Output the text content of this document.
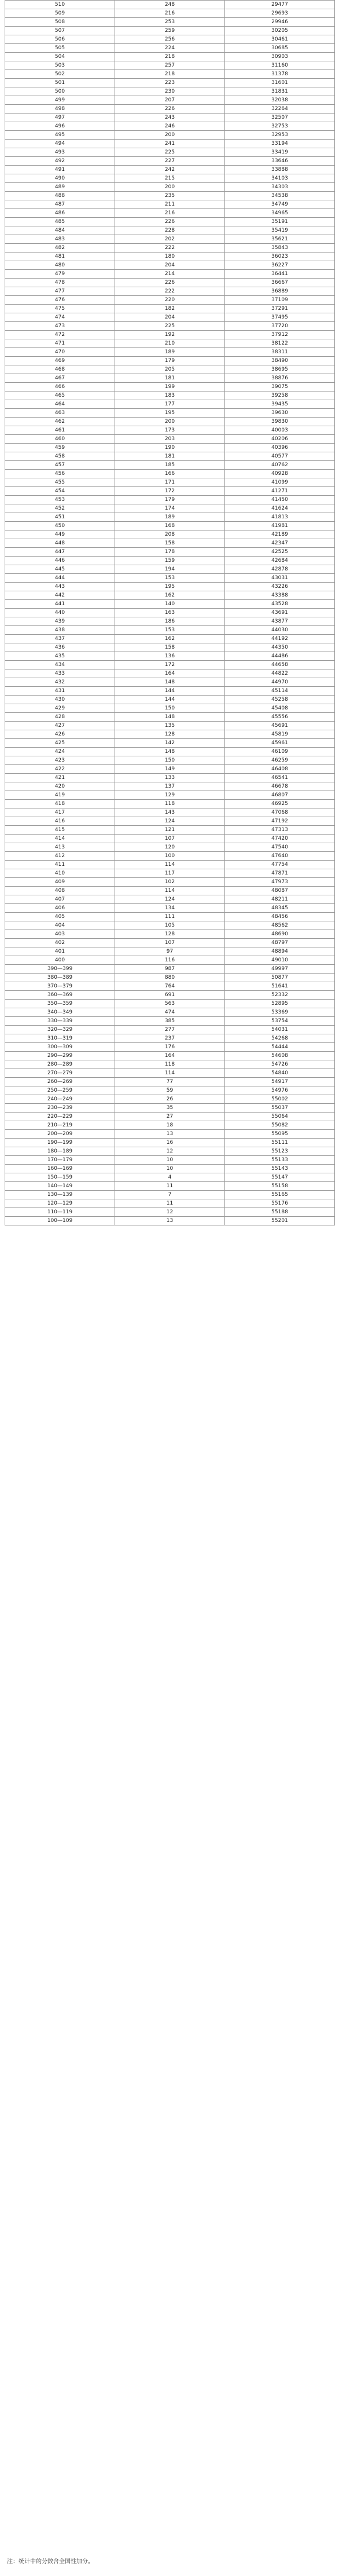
510	248	29477
509	216	29693
508	253	29946
507	259	30205
506	256	30461
505	224	30685
504	218	30903
503	257	31160
502	218	31378
501	223	31601
500	230	31831
499	207	32038
498	226	32264
497	243	32507
496	246	32753
495	200	32953
494	241	33194
493	225	33419
492	227	33646
491	242	33888
490	215	34103
489	200	34303
488	235	34538
487	211	34749
486	216	34965
485	226	35191
484	228	35419
483	202	35621
482	222	35843
481	180	36023
480	204	36227
479	214	36441
478	226	36667
477	222	36889
476	220	37109
475	182	37291
474	204	37495
473	225	37720
472	192	37912
471	210	38122
470	189	38311
469	179	38490
468	205	38695
467	181	38876
466	199	39075
465	183	39258
464	177	39435
463	195	39630
462	200	39830
461	173	40003
460	203	40206
459	190	40396
458	181	40577
457	185	40762
456	166	40928
455	171	41099
454	172	41271
453	179	41450
452	174	41624
451	189	41813
450	168	41981
449	208	42189
448	158	42347
447	178	42525
446	159	42684
445	194	42878
444	153	43031
443	195	43226
442	162	43388
441	140	43528
440	163	43691
439	186	43877
438	153	44030
437	162	44192
436	158	44350
435	136	44486
434	172	44658
433	164	44822
432	148	44970
431	144	45114
430	144	45258
429	150	45408
428	148	45556
427	135	45691
426	128	45819
425	142	45961
424	148	46109
423	150	46259
422	149	46408
421	133	46541
420	137	46678
419	129	46807
418	118	46925
417	143	47068
416	124	47192
415	121	47313
414	107	47420
413	120	47540
412	100	47640
411	114	47754
410	117	47871
409	102	47973
408	114	48087
407	124	48211
406	134	48345
405	111	48456
404	105	48562
403	128	48690
402	107	48797
401	97	48894
400	116	49010
390—399	987	49997
380—389	880	50877
370—379	764	51641
360—369	691	52332
350—359	563	52895
340—349	474	53369
330—339	385	53754
320—329	277	54031
310—319	237	54268
300—309	176	54444
290—299	164	54608
280—289	118	54726
270—279	114	54840
260—269	77	54917
250—259	59	54976
240—249	26	55002
230—239	35	55037
220—229	27	55064
210—219	18	55082
200—209	13	55095
190—199	16	55111
180—189	12	55123
170—179	10	55133
160—169	10	55143
150—159	4	55147
140—149	11	55158
130—139	7	55165
120—129	11	55176
110—119	12	55188
100—109	13	55201
注：统计中的分数含全国性加分。
